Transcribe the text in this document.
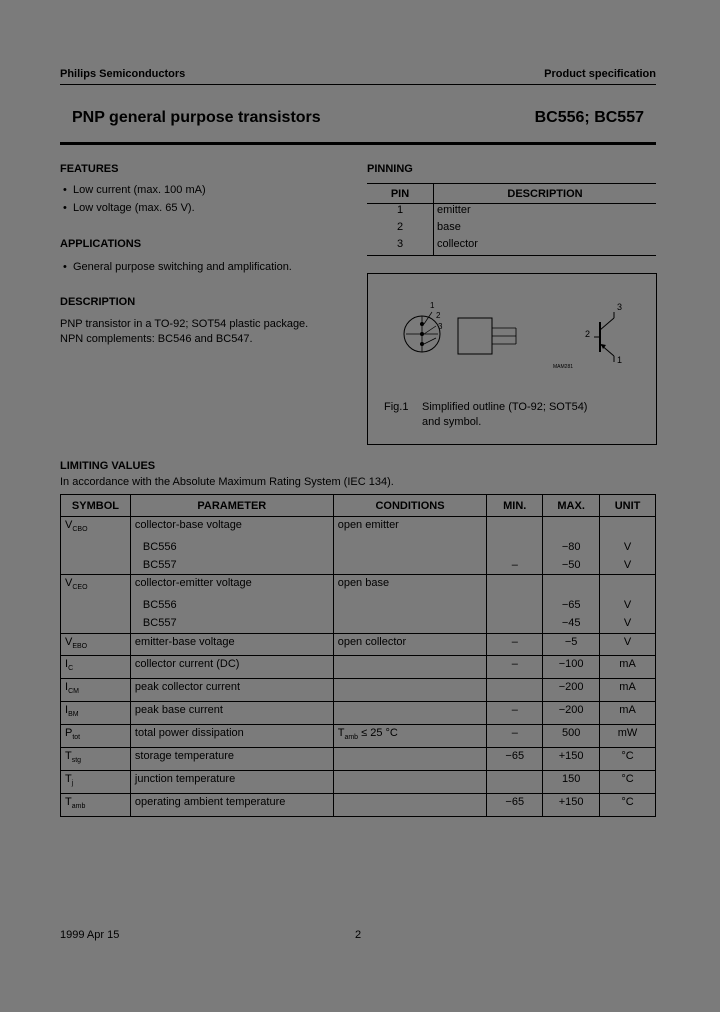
Philips Semiconductors	Product specification
PNP general purpose transistors	BC556; BC557
FEATURES
•  Low current (max. 100 mA)
•  Low voltage (max. 65 V).
APPLICATIONS
•  General purpose switching and amplification.
DESCRIPTION
PNP transistor in a TO-92; SOT54 plastic package.
NPN complements: BC546 and BC547.
PINNING
PIN	DESCRIPTION
1	emitter
2	base
3	collector
1
2
3
3
2
1
MAM281
Fig.1 Simplified outline (TO-92; SOT54)
and symbol.
LIMITING VALUES
In accordance with the Absolute Maximum Rating System (IEC 134).
SYMBOL	PARAMETER	CONDITIONS	MIN.	MAX.	UNIT
$V_{CBO}$	collector-base voltage	open emitter			
	BC556			−80	V
	BC557		–	−50	V
$V_{CEO}$	collector-emitter voltage	open base			
	BC556			−65	V
	BC557			−45	V
$V_{EBO}$	emitter-base voltage	open collector	–	−5	V
$I_C$	collector current (DC)		–	−100	mA
$I_{CM}$	peak collector current			−200	mA
$I_{BM}$	peak base current		–	−200	mA
$P_{tot}$	total power dissipation	$T_{amb} \le 25$ °C	–	500	mW
$T_{stg}$	storage temperature		−65	+150	°C
$T_j$	junction temperature			150	°C
$T_{amb}$	operating ambient temperature		−65	+150	°C
1999 Apr 15	2
